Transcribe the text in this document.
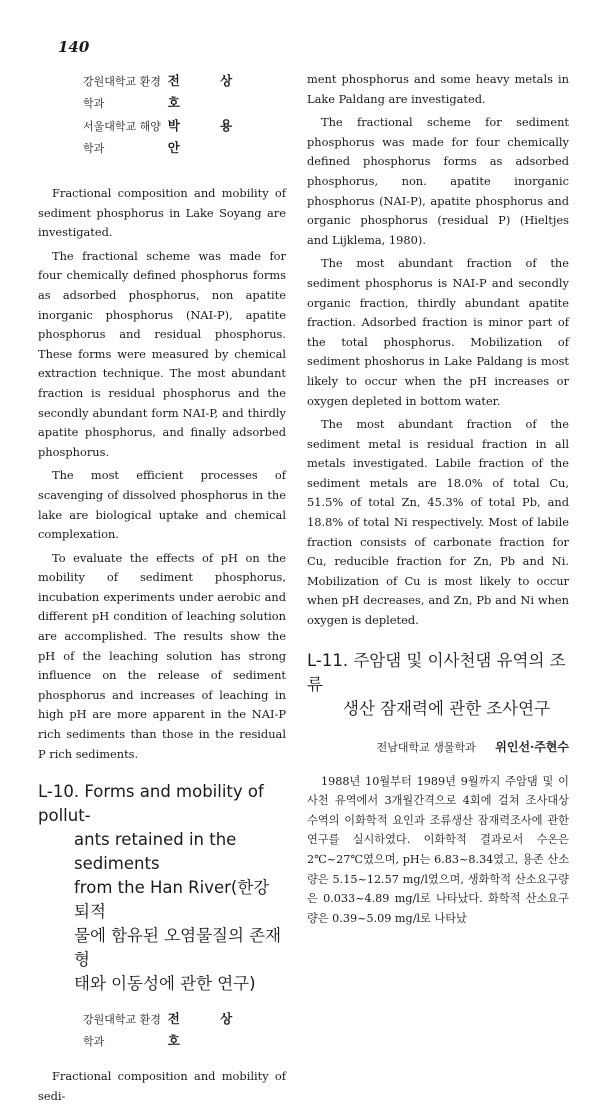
140
강원대학교 환경학과
전 상 호
서울대학교 해양학과
박 용 안

Fractional composition and mobility of sediment phosphorus in Lake Soyang are investigated.

The fractional scheme was made for four chemically defined phosphorus forms as adsorbed phosphorus, non apatite inorganic phosphorus (NAI-P), apatite phosphorus and residual phosphorus. These forms were measured by chemical extraction technique. The most abundant fraction is residual phosphorus and the secondly abundant form NAI-P, and thirdly apatite phosphorus, and finally adsorbed phosphorus.

The most efficient processes of scavenging of dissolved phosphorus in the lake are biological uptake and chemical complexation.

To evaluate the effects of pH on the mobility of sediment phosphorus, incubation experiments under aerobic and different pH condition of leaching solution are accomplished. The results show the pH of the leaching solution has strong influence on the release of sediment phosphorus and increases of leaching in high pH are more apparent in the NAI-P rich sediments than those in the residual P rich sediments.

L-10. Forms and mobility of pollut-
ants retained in the sediments
from the Han River(한강 퇴적
물에 함유된 오염물질의 존재형
태와 이동성에 관한 연구)
강원대학교 환경학과
전 상 호

Fractional composition and mobility of sedi-

ment phosphorus and some heavy metals in Lake Paldang are investigated.

The fractional scheme for sediment phosphorus was made for four chemically defined phosphorus forms as adsorbed phosphorus, non. apatite inorganic phosphorus (NAI-P), apatite phosphorus and organic phosphorus (residual P) (Hieltjes and Lijklema, 1980).

The most abundant fraction of the sediment phosphorus is NAI-P and secondly organic fraction, thirdly abundant apatite fraction. Adsorbed fraction is minor part of the total phosphorus. Mobilization of sediment phoshorus in Lake Paldang is most likely to occur when the pH increases or oxygen depleted in bottom water.

The most abundant fraction of the sediment metal is residual fraction in all metals investigated. Labile fraction of the sediment metals are 18.0% of total Cu, 51.5% of total Zn, 45.3% of total Pb, and 18.8% of total Ni respectively. Most of labile fraction consists of carbonate fraction for Cu, reducible fraction for Zn, Pb and Ni. Mobilization of Cu is most likely to occur when pH decreases, and Zn, Pb and Ni when oxygen is depleted.

L-11. 주암댐 및 이사천댐 유역의 조류
생산 잠재력에 관한 조사연구
전남대학교 생물학과 위인선·주현수

1988년 10월부터 1989년 9월까지 주암댐 및 이사천 유역에서 3개월간격으로 4회에 걸쳐 조사대상 수역의 이화학적 요인과 조류생산 잠재력조사에 관한 연구를 실시하였다. 이화학적 결과로서 수온은 2℃~27℃였으며, pH는 6.83~8.34였고, 용존 산소량은 5.15~12.57 mg/l였으며, 생화학적 산소요구량은 0.033~4.89 mg/l로 나타났다. 화학적 산소요구량은 0.39~5.09 mg/l로 나타났
